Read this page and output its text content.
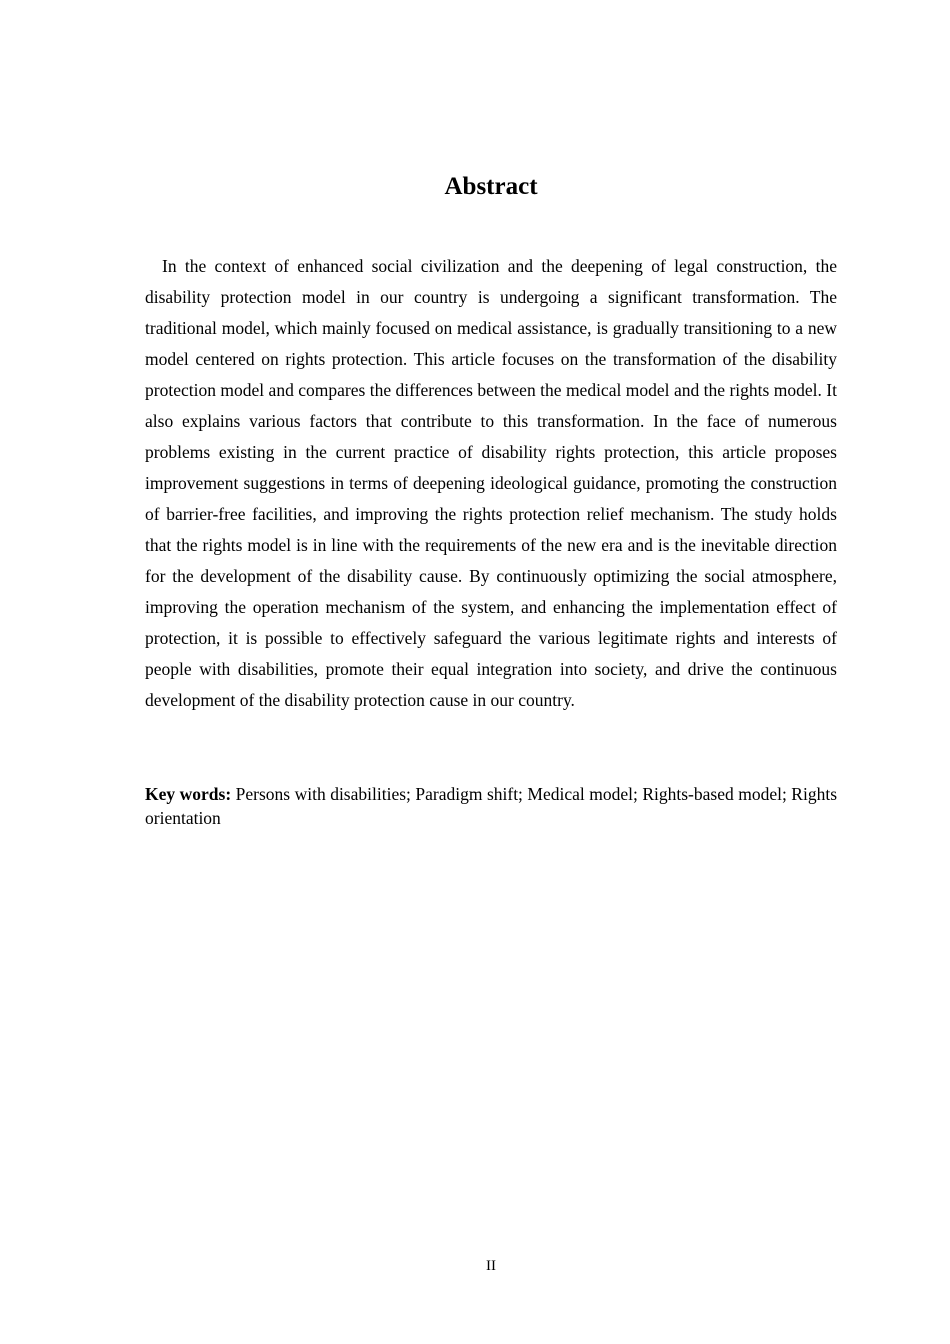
Abstract

In the context of enhanced social civilization and the deepening of legal construction, the disability protection model in our country is undergoing a significant transformation. The traditional model, which mainly focused on medical assistance, is gradually transitioning to a new model centered on rights protection. This article focuses on the transformation of the disability protection model and compares the differences between the medical model and the rights model. It also explains various factors that contribute to this transformation. In the face of numerous problems existing in the current practice of disability rights protection, this article proposes improvement suggestions in terms of deepening ideological guidance, promoting the construction of barrier-free facilities, and improving the rights protection relief mechanism. The study holds that the rights model is in line with the requirements of the new era and is the inevitable direction for the development of the disability cause. By continuously optimizing the social atmosphere, improving the operation mechanism of the system, and enhancing the implementation effect of protection, it is possible to effectively safeguard the various legitimate rights and interests of people with disabilities, promote their equal integration into society, and drive the continuous development of the disability protection cause in our country.

Key words: Persons with disabilities; Paradigm shift; Medical model; Rights-based model; Rights orientation

II
